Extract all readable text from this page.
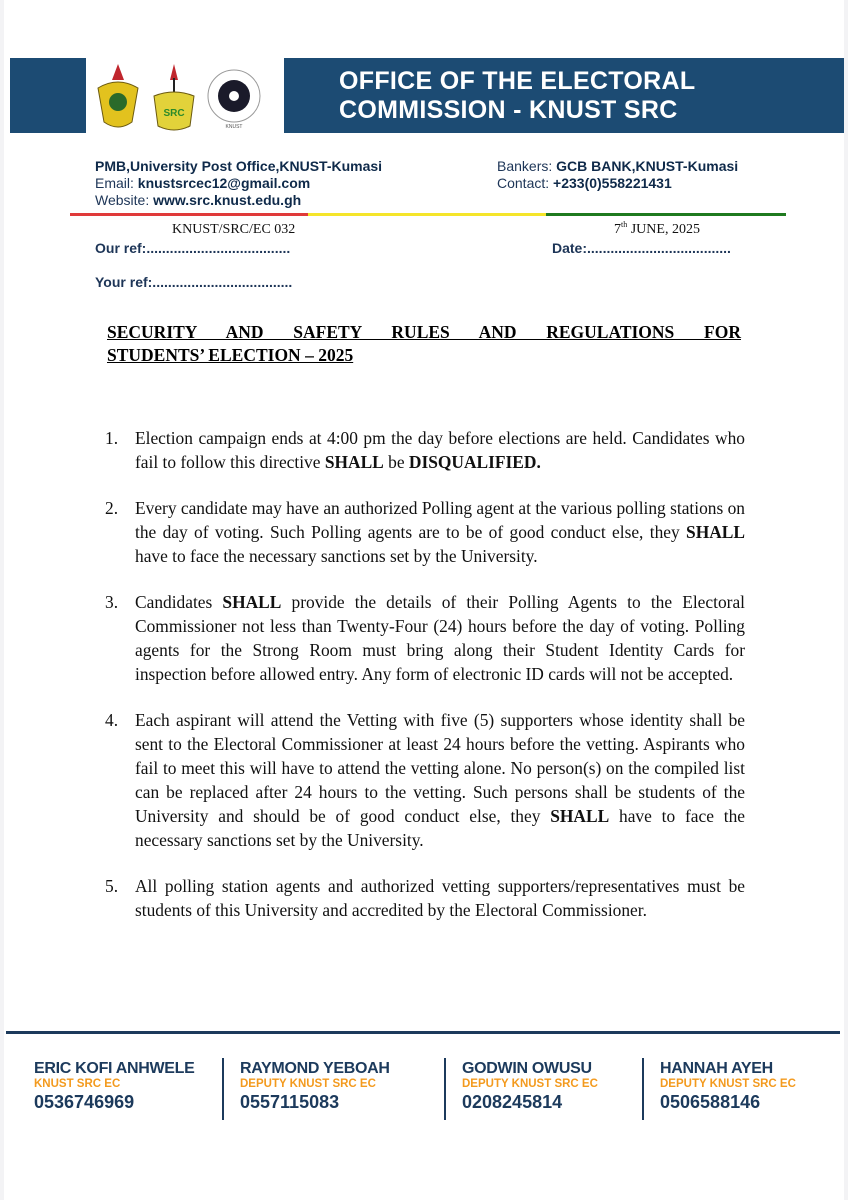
OFFICE OF THE ELECTORAL
COMMISSION - KNUST SRC
SRC
KNUST
PMB,University Post Office,KNUST-Kumasi
Email: knustsrcec12@gmail.com
Website: www.src.knust.edu.gh
Bankers: GCB BANK,KNUST-Kumasi
Contact: +233(0)558221431
KNUST/SRC/EC 032
Our ref:.....................................
7th JUNE, 2025
Date:.....................................
Your ref:....................................
SECURITY AND SAFETY RULES AND REGULATIONS FOR
STUDENTS’ ELECTION – 2025
1. Election campaign ends at 4:00 pm the day before elections are held. Candidates who fail to follow this directive SHALL be DISQUALIFIED.
2. Every candidate may have an authorized Polling agent at the various polling stations on the day of voting. Such Polling agents are to be of good conduct else, they SHALL have to face the necessary sanctions set by the University.
3. Candidates SHALL provide the details of their Polling Agents to the Electoral Commissioner not less than Twenty-Four (24) hours before the day of voting. Polling agents for the Strong Room must bring along their Student Identity Cards for inspection before allowed entry. Any form of electronic ID cards will not be accepted.
4. Each aspirant will attend the Vetting with five (5) supporters whose identity shall be sent to the Electoral Commissioner at least 24 hours before the vetting. Aspirants who fail to meet this will have to attend the vetting alone. No person(s) on the compiled list can be replaced after 24 hours to the vetting. Such persons shall be students of the University and should be of good conduct else, they SHALL have to face the necessary sanctions set by the University.
5. All polling station agents and authorized vetting supporters/representatives must be students of this University and accredited by the Electoral Commissioner.
ERIC KOFI ANHWELE
KNUST SRC EC
0536746969
RAYMOND YEBOAH
DEPUTY KNUST SRC EC
0557115083
GODWIN OWUSU
DEPUTY KNUST SRC EC
0208245814
HANNAH AYEH
DEPUTY KNUST SRC EC
0506588146
